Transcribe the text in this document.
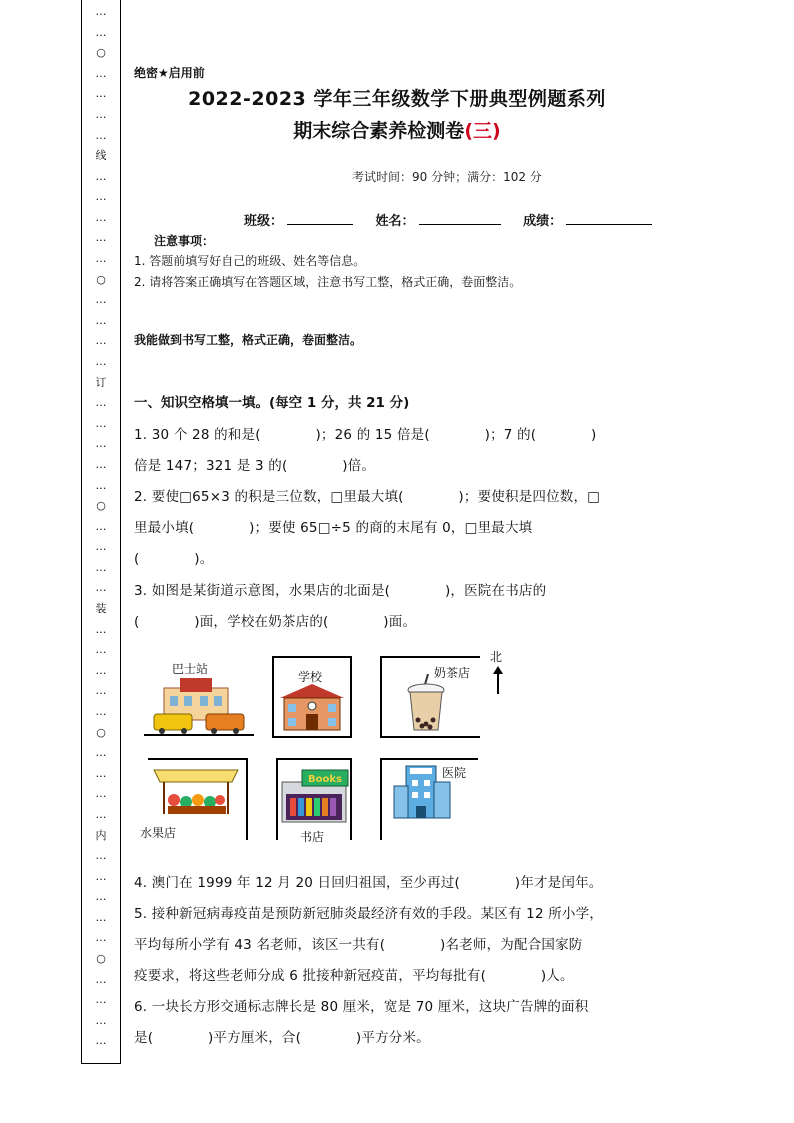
…
…
○
…
…
…
…
线
…
…
…
…
…
○
…
…
…
…
订
…
…
…
…
…
○
…
…
…
…
装
…
…
…
…
…
○
…
…
…
…
内
…
…
…
…
…
○
…
…
…
…
绝密★启用前
2022-2023 学年三年级数学下册典型例题系列
期末综合素养检测卷(三)
考试时间：90 分钟；满分：102 分
班级：	姓名：	成绩：
注意事项：
1. 答题前填写好自己的班级、姓名等信息。
2. 请将答案正确填写在答题区域，注意书写工整，格式正确，卷面整洁。
我能做到书写工整，格式正确，卷面整洁。
一、知识空格填一填。(每空 1 分，共 21 分)
1. 30 个 28 的和是(　　　　)；26 的 15 倍是(　　　　)；7 的(　　　　)
倍是 147；321 是 3 的(　　　　)倍。
2. 要使□65×3 的积是三位数，□里最大填(　　　　)；要使积是四位数，□
里最小填(　　　　)；要使 65□÷5 的商的末尾有 0，□里最大填
(　　　　)。
3. 如图是某街道示意图，水果店的北面是(　　　　)，医院在书店的
(　　　　)面，学校在奶茶店的(　　　　)面。
巴士站
学校	奶茶店
北
水果店
Books
书店
医院
4. 澳门在 1999 年 12 月 20 日回归祖国，至少再过(　　　　)年才是闰年。
5. 接种新冠病毒疫苗是预防新冠肺炎最经济有效的手段。某区有 12 所小学，
平均每所小学有 43 名老师，该区一共有(　　　　)名老师，为配合国家防
疫要求，将这些老师分成 6 批接种新冠疫苗，平均每批有(　　　　)人。
6. 一块长方形交通标志牌长是 80 厘米，宽是 70 厘米，这块广告牌的面积
是(　　　　)平方厘米，合(　　　　)平方分米。
